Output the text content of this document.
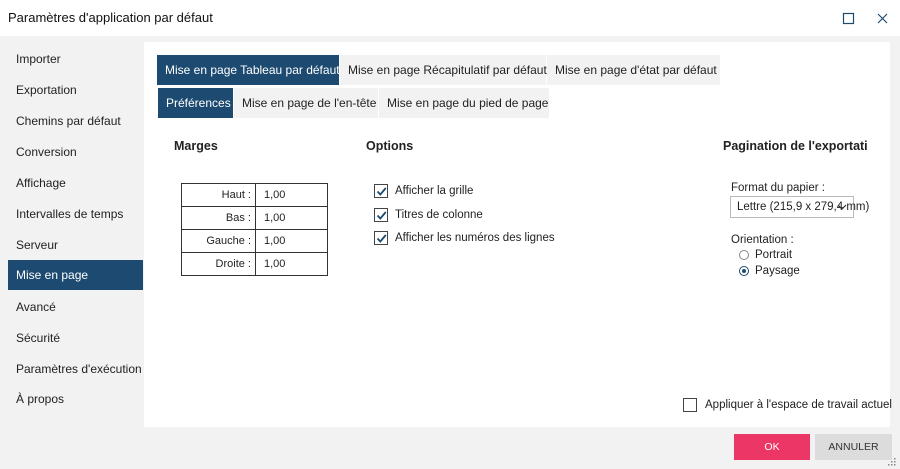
Paramètres d'application par défaut
Importer
Exportation
Chemins par défaut
Conversion
Affichage
Intervalles de temps
Serveur
Mise en page
Avancé
Sécurité
Paramètres d'exécution
À propos
Mise en page Tableau par défaut Mise en page Récapitulatif par défaut Mise en page d'état par défaut
Préférences Mise en page de l'en-tête Mise en page du pied de page
Marges
Haut :	1,00
Bas :	1,00
Gauche :	1,00
Droite :	1,00
Options
Afficher la grille
Titres de colonne
Afficher les numéros des lignes
Pagination de l'exportati
Format du papier :
Lettre (215,9 x 279,4 mm)
Orientation :
Portrait
Paysage
Appliquer à l'espace de travail actuel
OK	ANNULER
